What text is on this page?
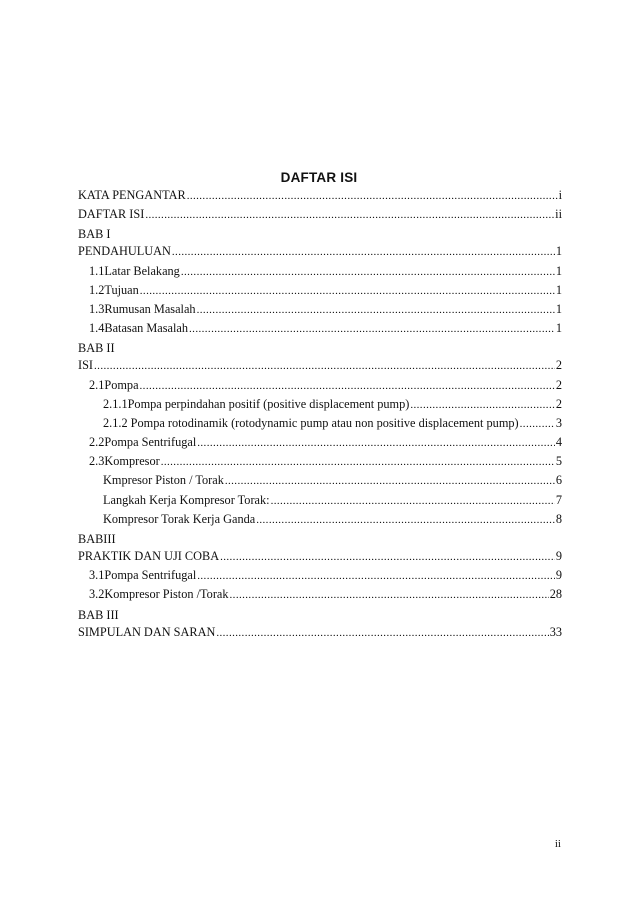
DAFTAR ISI
KATA PENGANTAR .....	i
DAFTAR ISI .....	ii
BAB I
PENDAHULUAN .....	1
1.1Latar Belakang .....	1
1.2Tujuan .....	1
1.3Rumusan Masalah .....	1
1.4Batasan Masalah .....	1
BAB II
ISI .....	2
2.1Pompa .....	2
2.1.1Pompa perpindahan positif (positive displacement pump) .....	2
2.1.2 Pompa rotodinamik (rotodynamic pump atau non positive displacement pump) .....	3
2.2Pompa Sentrifugal .....	4
2.3Kompresor .....	5
Kmpresor Piston / Torak .....	6
Langkah Kerja Kompresor Torak: .....	7
Kompresor Torak Kerja Ganda .....	8
BABIII
PRAKTIK DAN UJI COBA .....	9
3.1Pompa Sentrifugal .....	9
3.2Kompresor Piston /Torak .....	28
BAB III
SIMPULAN DAN SARAN .....	33
ii
